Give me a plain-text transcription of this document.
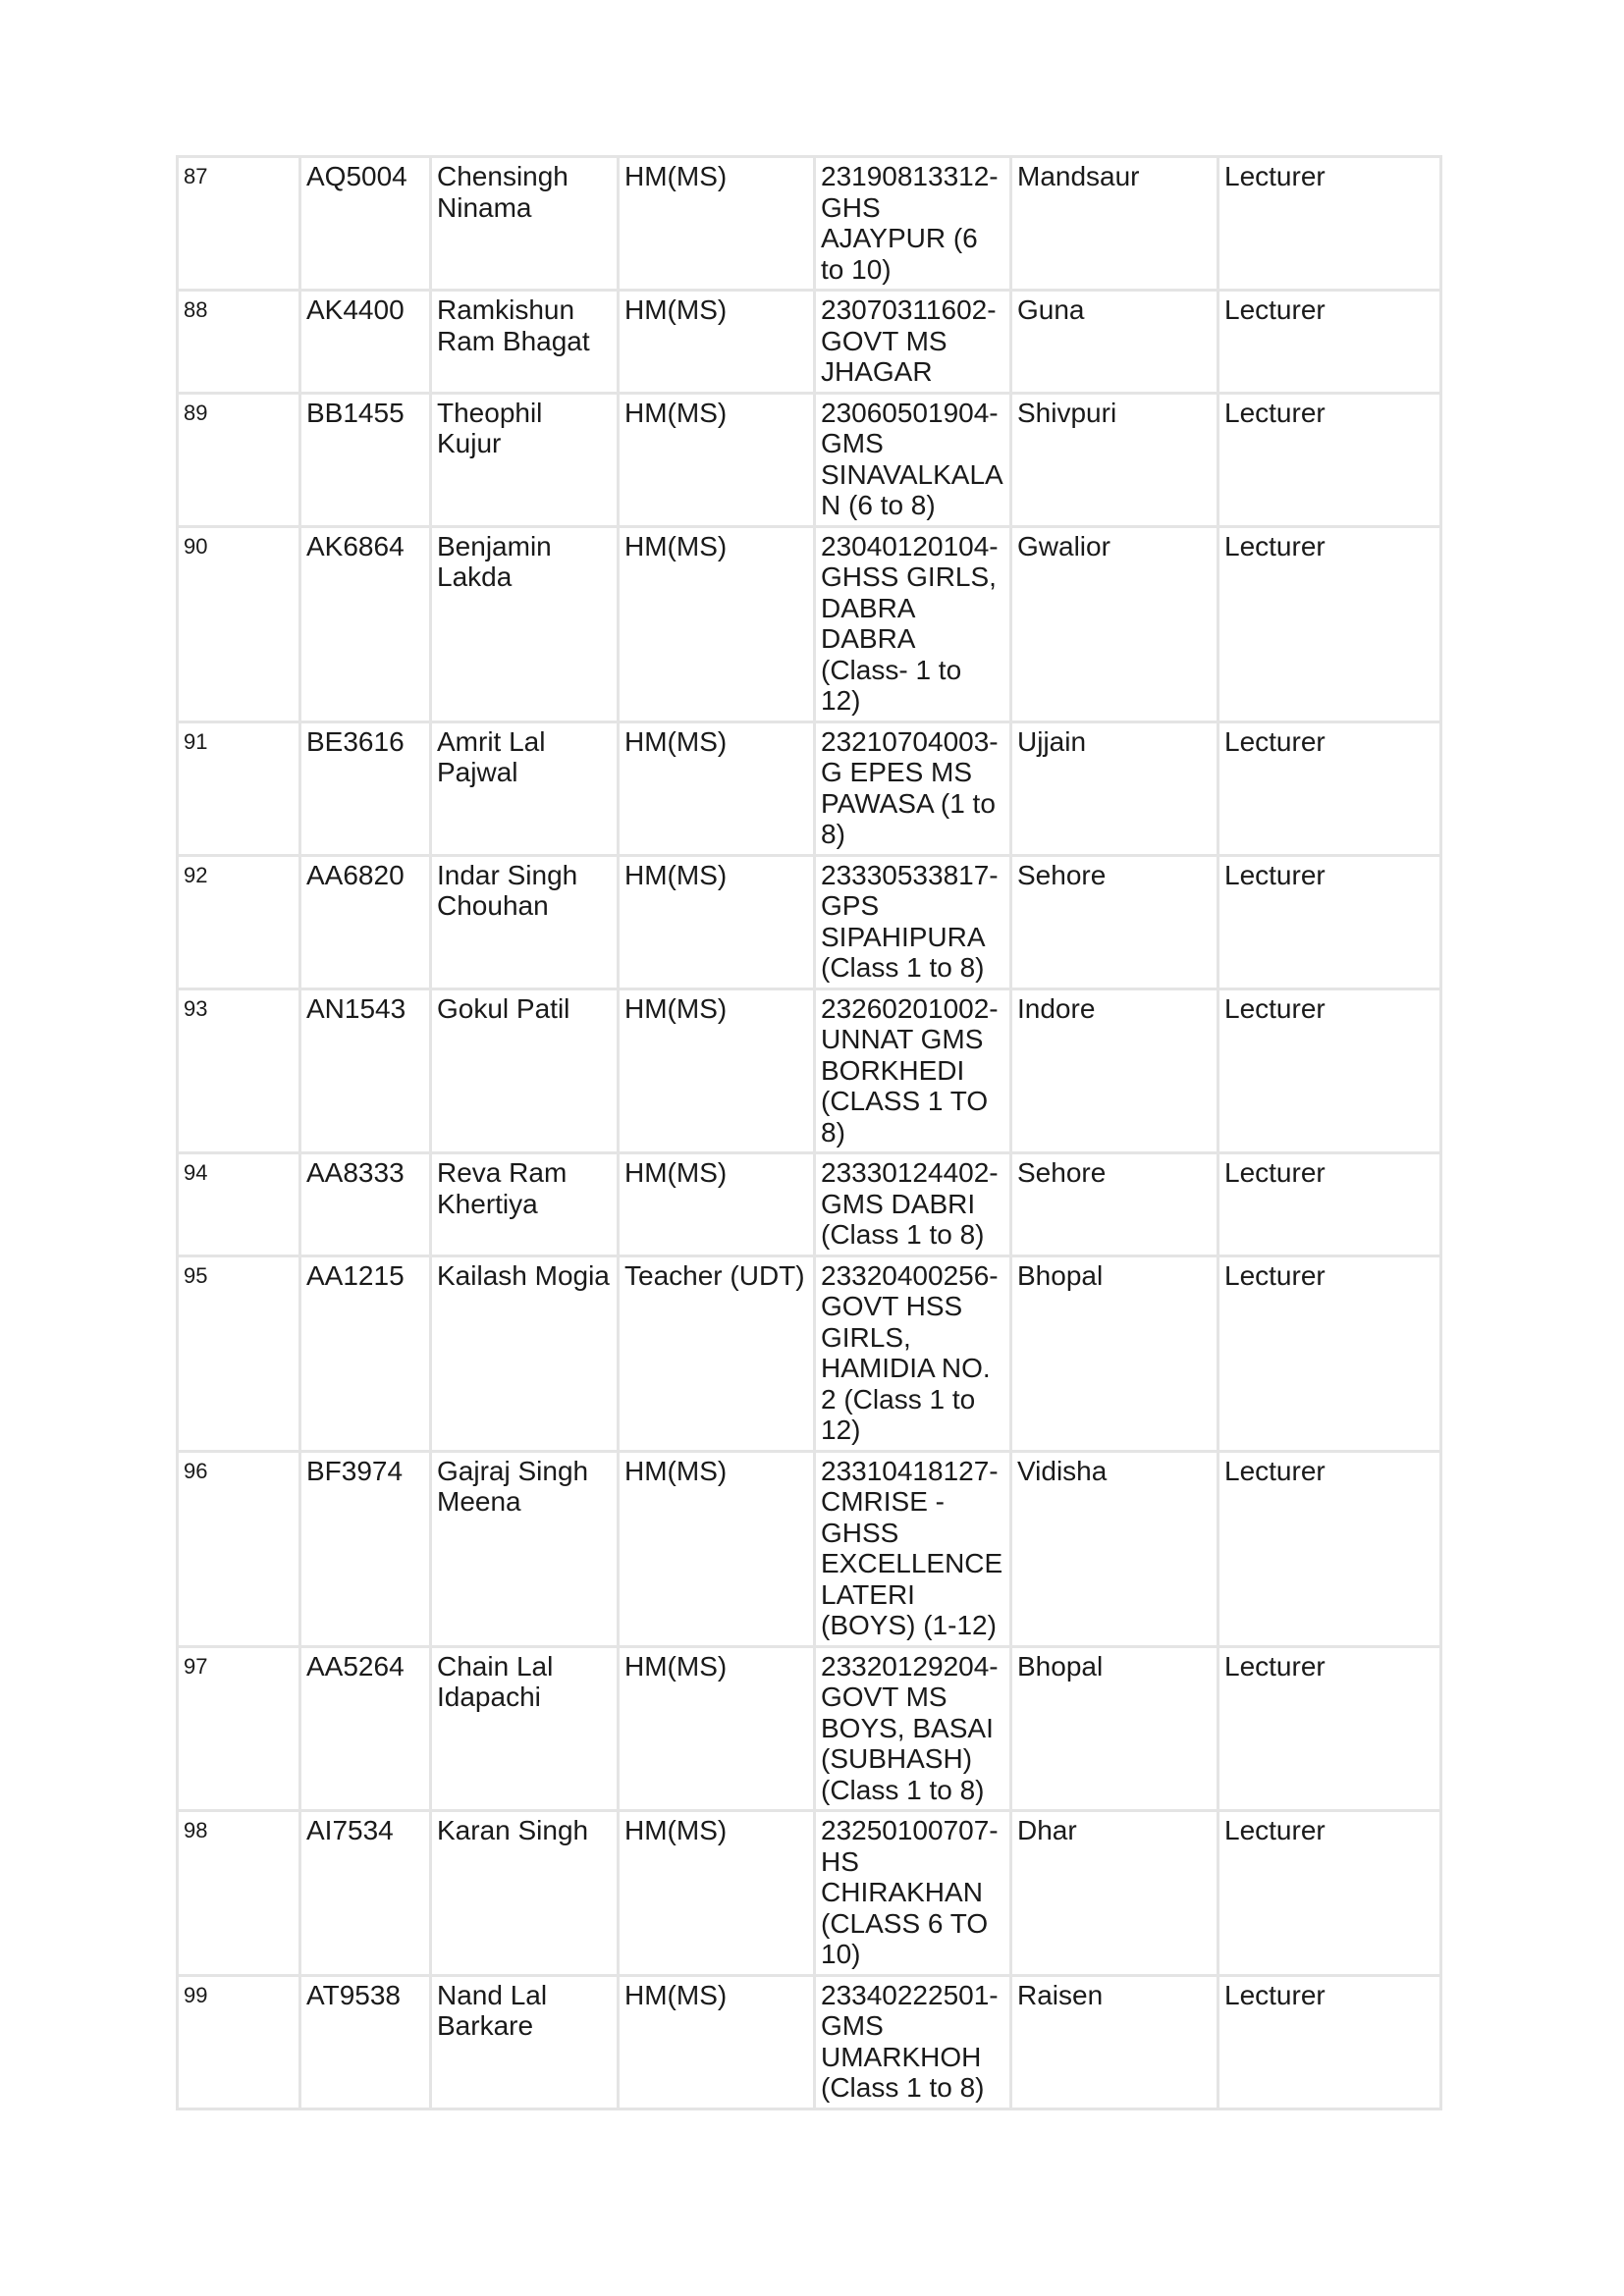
87	AQ5004	Chensingh Ninama	HM(MS)	23190813312-GHS AJAYPUR (6 to 10)	Mandsaur	Lecturer
88	AK4400	Ramkishun Ram Bhagat	HM(MS)	23070311602-GOVT MS JHAGAR	Guna	Lecturer
89	BB1455	Theophil Kujur	HM(MS)	23060501904-GMS SINAVALKALAN (6 to 8)	Shivpuri	Lecturer
90	AK6864	Benjamin Lakda	HM(MS)	23040120104-GHSS GIRLS, DABRA DABRA (Class- 1 to 12)	Gwalior	Lecturer
91	BE3616	Amrit Lal Pajwal	HM(MS)	23210704003-G EPES MS PAWASA (1 to 8)	Ujjain	Lecturer
92	AA6820	Indar Singh Chouhan	HM(MS)	23330533817-GPS SIPAHIPURA (Class 1 to 8)	Sehore	Lecturer
93	AN1543	Gokul Patil	HM(MS)	23260201002-UNNAT GMS BORKHEDI (CLASS 1 TO 8)	Indore	Lecturer
94	AA8333	Reva Ram Khertiya	HM(MS)	23330124402-GMS DABRI (Class 1 to 8)	Sehore	Lecturer
95	AA1215	Kailash Mogia	Teacher (UDT)	23320400256-GOVT HSS GIRLS, HAMIDIA NO. 2 (Class 1 to 12)	Bhopal	Lecturer
96	BF3974	Gajraj Singh Meena	HM(MS)	23310418127-CMRISE - GHSS EXCELLENCE LATERI (BOYS) (1-12)	Vidisha	Lecturer
97	AA5264	Chain Lal Idapachi	HM(MS)	23320129204-GOVT MS BOYS, BASAI (SUBHASH) (Class 1 to 8)	Bhopal	Lecturer
98	AI7534	Karan Singh	HM(MS)	23250100707-HS CHIRAKHAN (CLASS 6 TO 10)	Dhar	Lecturer
99	AT9538	Nand Lal Barkare	HM(MS)	23340222501-GMS UMARKHOH (Class 1 to 8)	Raisen	Lecturer
